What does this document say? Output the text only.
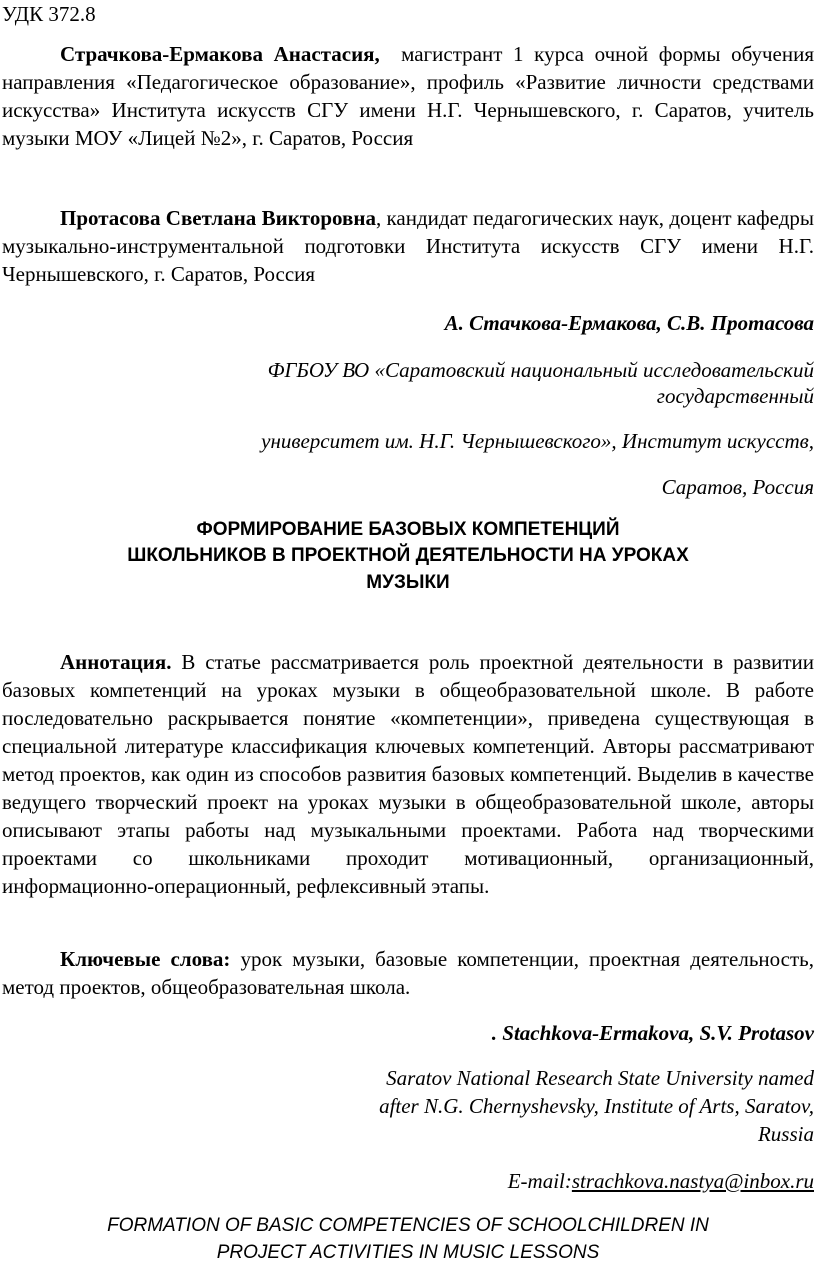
УДК 372.8
Страчкова-Ермакова Анастасия, магистрант 1 курса очной формы обучения направления «Педагогическое образование», профиль «Развитие личности средствами искусства» Института искусств СГУ имени Н.Г. Чернышевского, г. Саратов, учитель музыки МОУ «Лицей №2», г. Саратов, Россия
Протасова Светлана Викторовна, кандидат педагогических наук, доцент кафедры музыкально-инструментальной подготовки Института искусств СГУ имени Н.Г. Чернышевского, г. Саратов, Россия
А. Стачкова-Ермакова, С.В. Протасова
ФГБОУ ВО «Саратовский национальный исследовательский
государственный
университет им. Н.Г. Чернышевского», Институт искусств,
Саратов, Россия
ФОРМИРОВАНИЕ БАЗОВЫХ КОМПЕТЕНЦИЙ
ШКОЛЬНИКОВ В ПРОЕКТНОЙ ДЕЯТЕЛЬНОСТИ НА УРОКАХ
МУЗЫКИ
Аннотация. В статье рассматривается роль проектной деятельности в развитии базовых компетенций на уроках музыки в общеобразовательной школе. В работе последовательно раскрывается понятие «компетенции», приведена существующая в специальной литературе классификация ключевых компетенций. Авторы рассматривают метод проектов, как один из способов развития базовых компетенций. Выделив в качестве ведущего творческий проект на уроках музыки в общеобразовательной школе, авторы описывают этапы работы над музыкальными проектами. Работа над творческими проектами со школьниками проходит мотивационный, организационный, информационно-операционный, рефлексивный этапы.
Ключевые слова: урок музыки, базовые компетенции, проектная деятельность, метод проектов, общеобразовательная школа.
. Stachkova-Ermakova, S.V. Protasov
Saratov National Research State University named
after N.G. Chernyshevsky, Institute of Arts, Saratov,
Russia
E-mail:strachkova.nastya@inbox.ru
FORMATION OF BASIC COMPETENCIES OF SCHOOLCHILDREN IN
PROJECT ACTIVITIES IN MUSIC LESSONS
